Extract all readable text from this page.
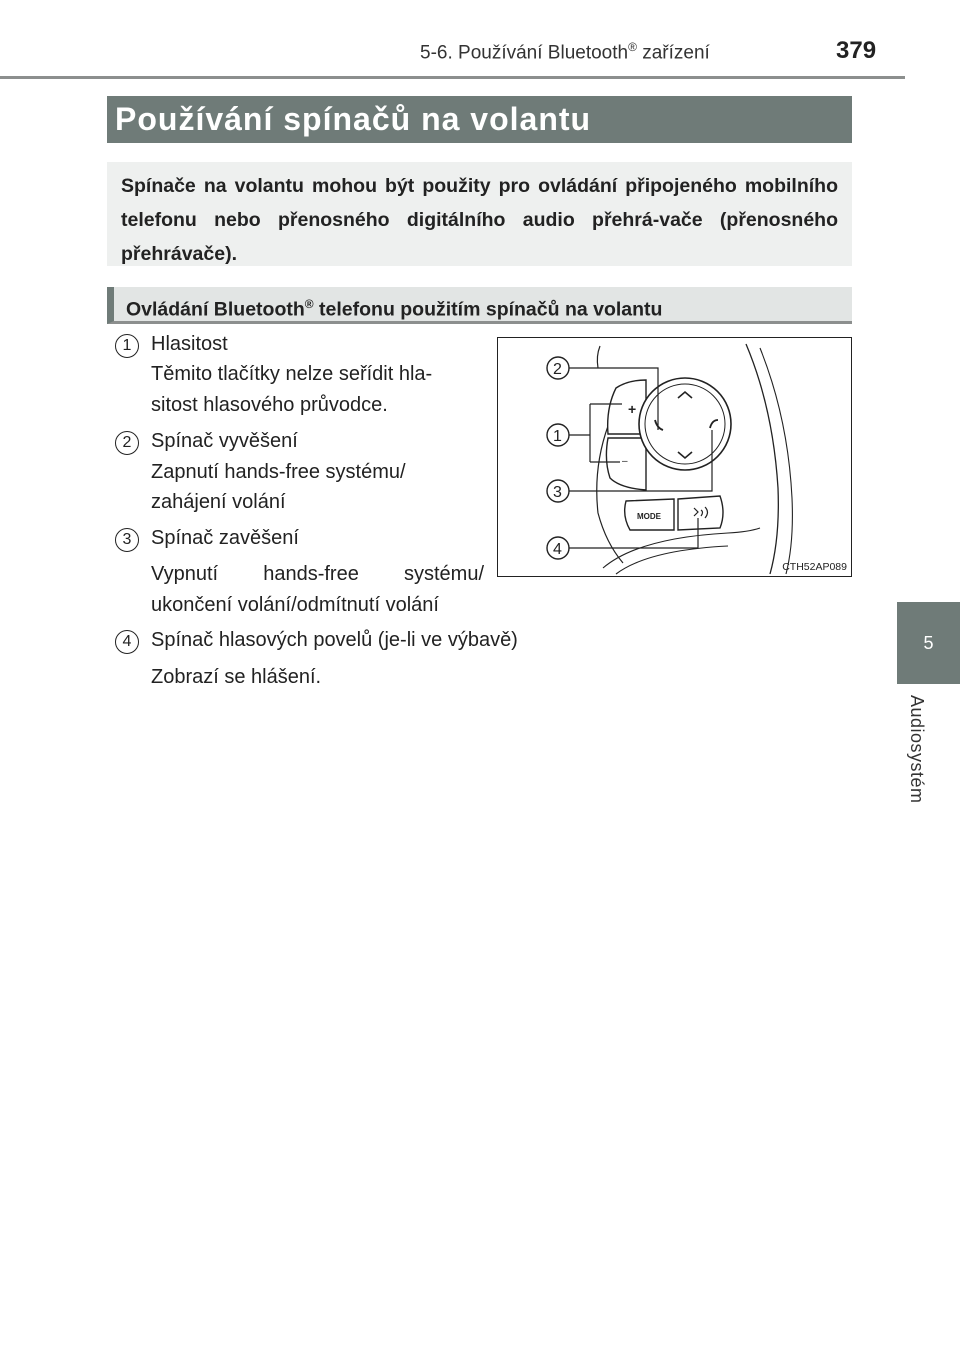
5-6. Používání Bluetooth® zařízení	379
5
Audiosystém
Používání spínačů na volantu
Spínače na volantu mohou být použity pro ovládání připojeného mobilního telefonu nebo přenosného digitálního audio přehrá-vače (přenosného přehrávače).
Ovládání Bluetooth® telefonu použitím spínačů na volantu
1 Hlasitost
Těmito tlačítky nelze seřídit hla-
sitost hlasového průvodce.
2 Spínač vyvěšení
Zapnutí hands-free systému/
zahájení volání
3 Spínač zavěšení
Vypnutí hands-free systému/
ukončení volání/odmítnutí volání
4 Spínač hlasových povelů (je-li ve výbavě)
Zobrazí se hlášení.
+
–
MODE
2
1
3
4
CTH52AP089
